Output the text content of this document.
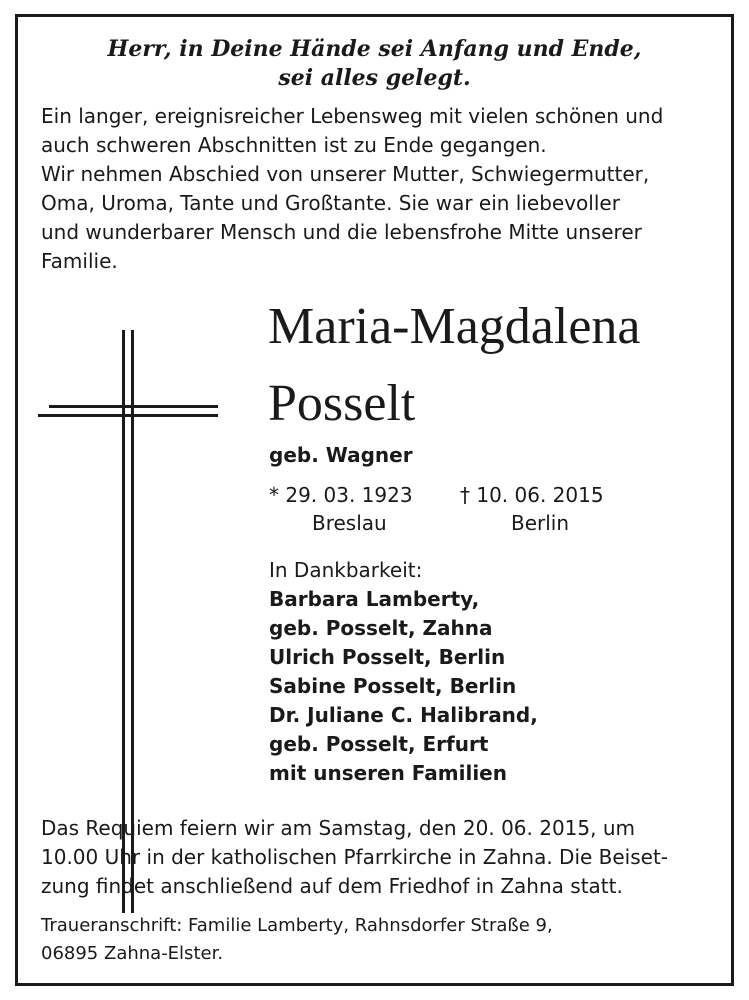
Herr, in Deine Hände sei Anfang und Ende,
sei alles gelegt.
Ein langer, ereignisreicher Lebensweg mit vielen schönen und
auch schweren Abschnitten ist zu Ende gegangen.
Wir nehmen Abschied von unserer Mutter, Schwiegermutter,
Oma, Uroma, Tante und Großtante. Sie war ein liebevoller
und wunderbarer Mensch und die lebensfrohe Mitte unserer
Familie.
Maria-Magdalena
Posselt
geb. Wagner
* 29. 03. 1923 † 10. 06. 2015
Breslau	Berlin
In Dankbarkeit:
Barbara Lamberty,
geb. Posselt, Zahna
Ulrich Posselt, Berlin
Sabine Posselt, Berlin
Dr. Juliane C. Halibrand,
geb. Posselt, Erfurt
mit unseren Familien
Das Requiem feiern wir am Samstag, den 20. 06. 2015, um
10.00 Uhr in der katholischen Pfarrkirche in Zahna. Die Beiset-
zung findet anschließend auf dem Friedhof in Zahna statt.
Traueranschrift: Familie Lamberty, Rahnsdorfer Straße 9,
06895 Zahna-Elster.
